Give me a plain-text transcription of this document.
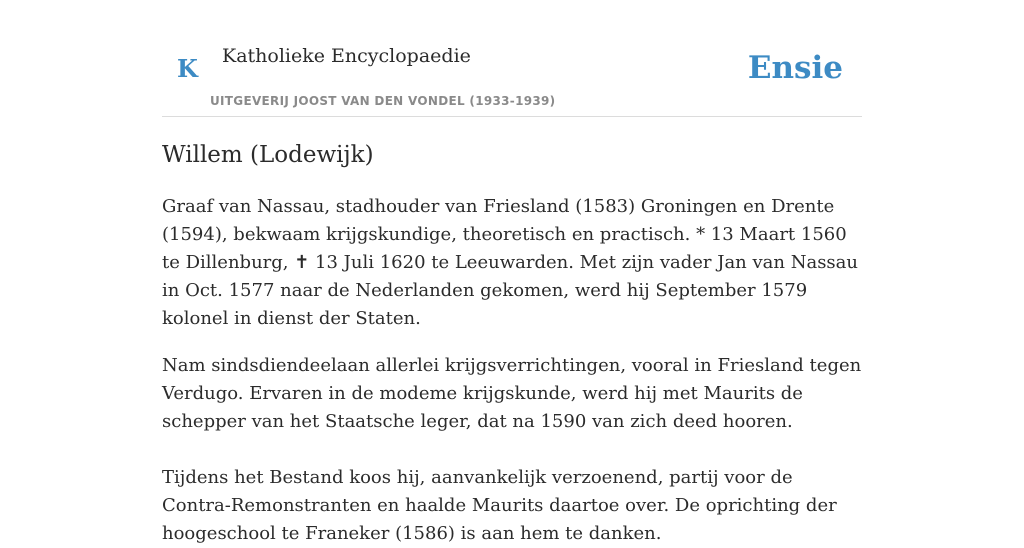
K Katholieke Encyclopaedie
UITGEVERIJ JOOST VAN DEN VONDEL (1933-1939)
Ensie
Willem (Lodewijk)

Graaf van Nassau, stadhouder van Friesland (1583) Groningen en Drente (1594), bekwaam krijgskundige, theoretisch en practisch. * 13 Maart 1560 te Dillenburg, ✝ 13 Juli 1620 te Leeuwarden. Met zijn vader Jan van Nassau in Oct. 1577 naar de Nederlanden gekomen, werd hij September 1579 kolonel in dienst der Staten.

Nam sindsdiendeelaan allerlei krijgsverrichtingen, vooral in Friesland tegen Verdugo. Ervaren in de modeme krijgskunde, werd hij met Maurits de schepper van het Staatsche leger, dat na 1590 van zich deed hooren.

Tijdens het Bestand koos hij, aanvankelijk verzoenend, partij voor de Contra-Remonstranten en haalde Maurits daartoe over. De oprichting der hoogeschool te Franeker (1586) is aan hem te danken.
